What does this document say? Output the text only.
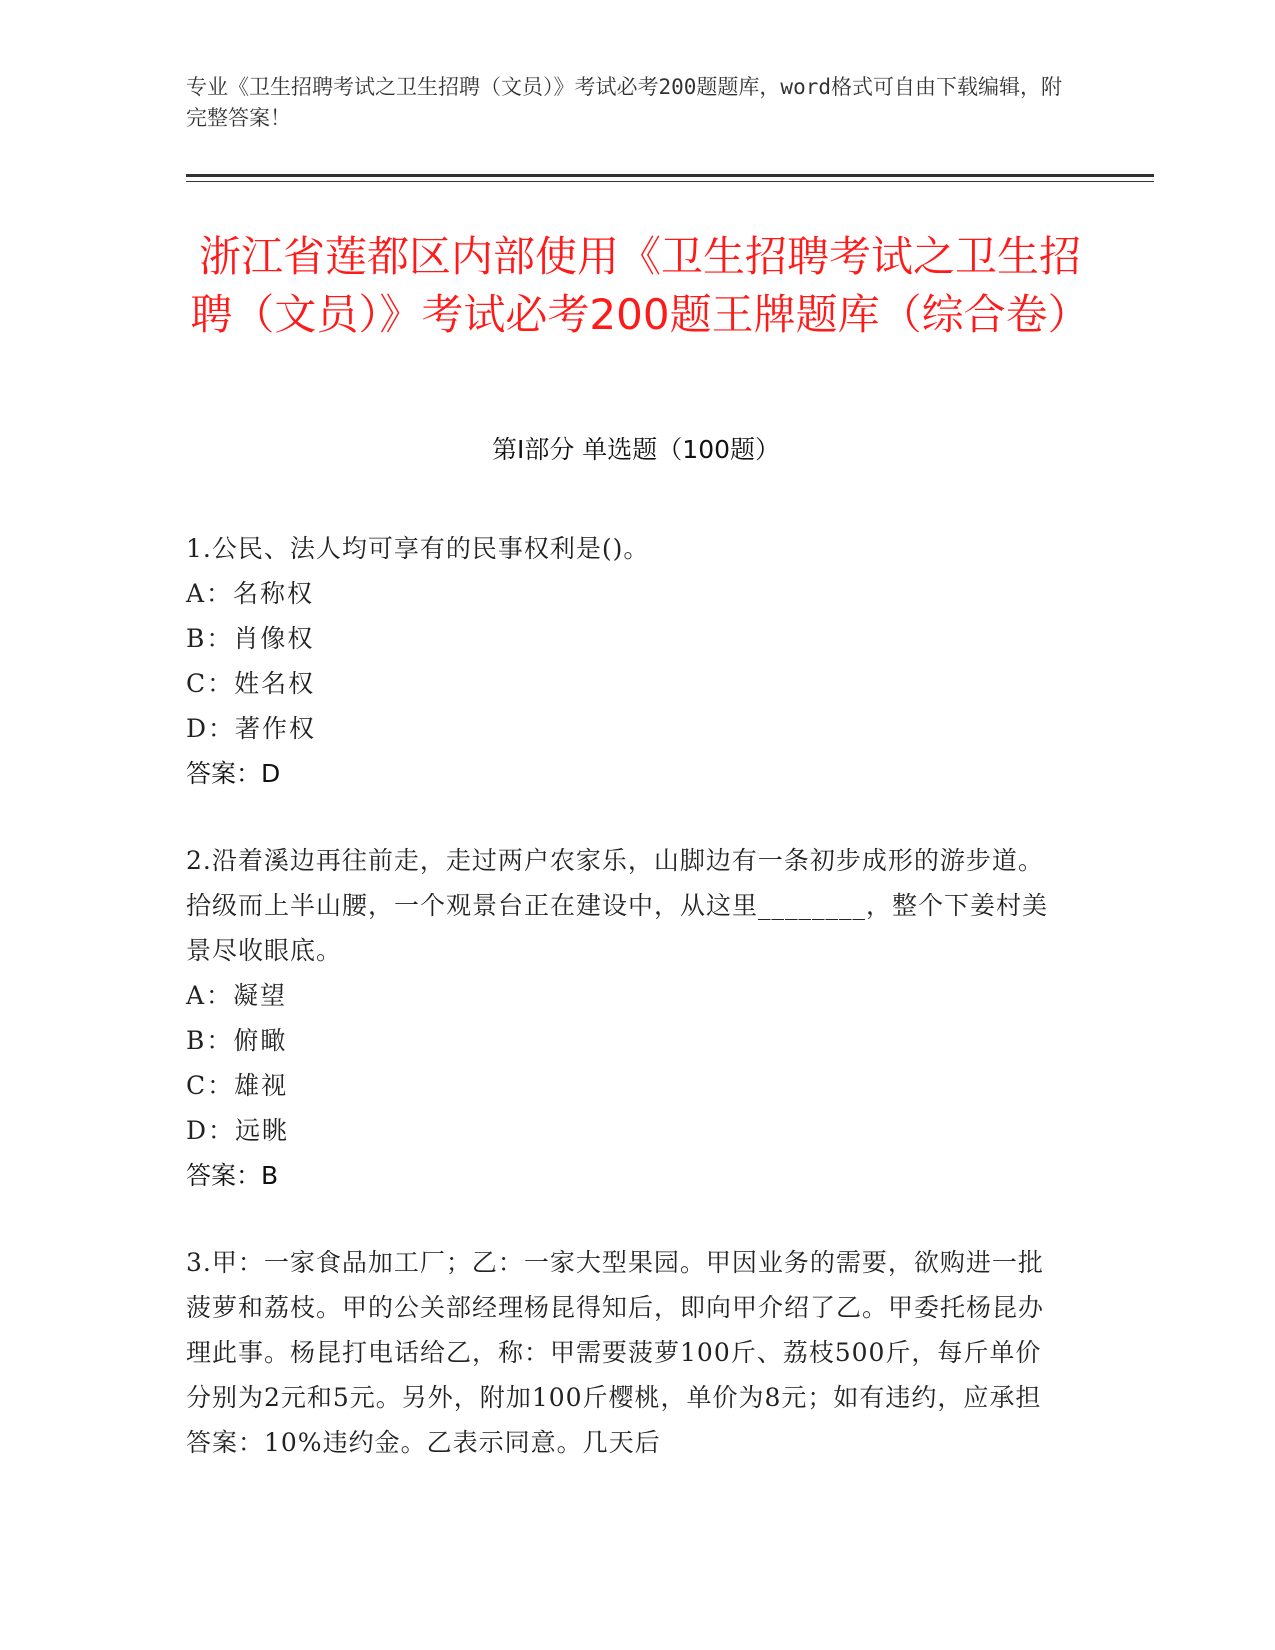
专业《卫生招聘考试之卫生招聘（文员）》考试必考200题题库，word格式可自由下载编辑，附完整答案！
浙江省莲都区内部使用《卫生招聘考试之卫生招聘（文员）》考试必考200题王牌题库（综合卷）
第Ⅰ部分 单选题（100题）
1.公民、法人均可享有的民事权利是()。
A：名称权
B：肖像权
C：姓名权
D：著作权
答案：D
2.沿着溪边再往前走，走过两户农家乐，山脚边有一条初步成形的游步道。拾级而上半山腰，一个观景台正在建设中，从这里________，整个下姜村美景尽收眼底。
A：凝望
B：俯瞰
C：雄视
D：远眺
答案：B
3.甲：一家食品加工厂；乙：一家大型果园。甲因业务的需要，欲购进一批菠萝和荔枝。甲的公关部经理杨昆得知后，即向甲介绍了乙。甲委托杨昆办理此事。杨昆打电话给乙，称：甲需要菠萝100斤、荔枝500斤，每斤单价分别为2元和5元。另外，附加100斤樱桃，单价为8元；如有违约，应承担答案：10%违约金。乙表示同意。几天后
